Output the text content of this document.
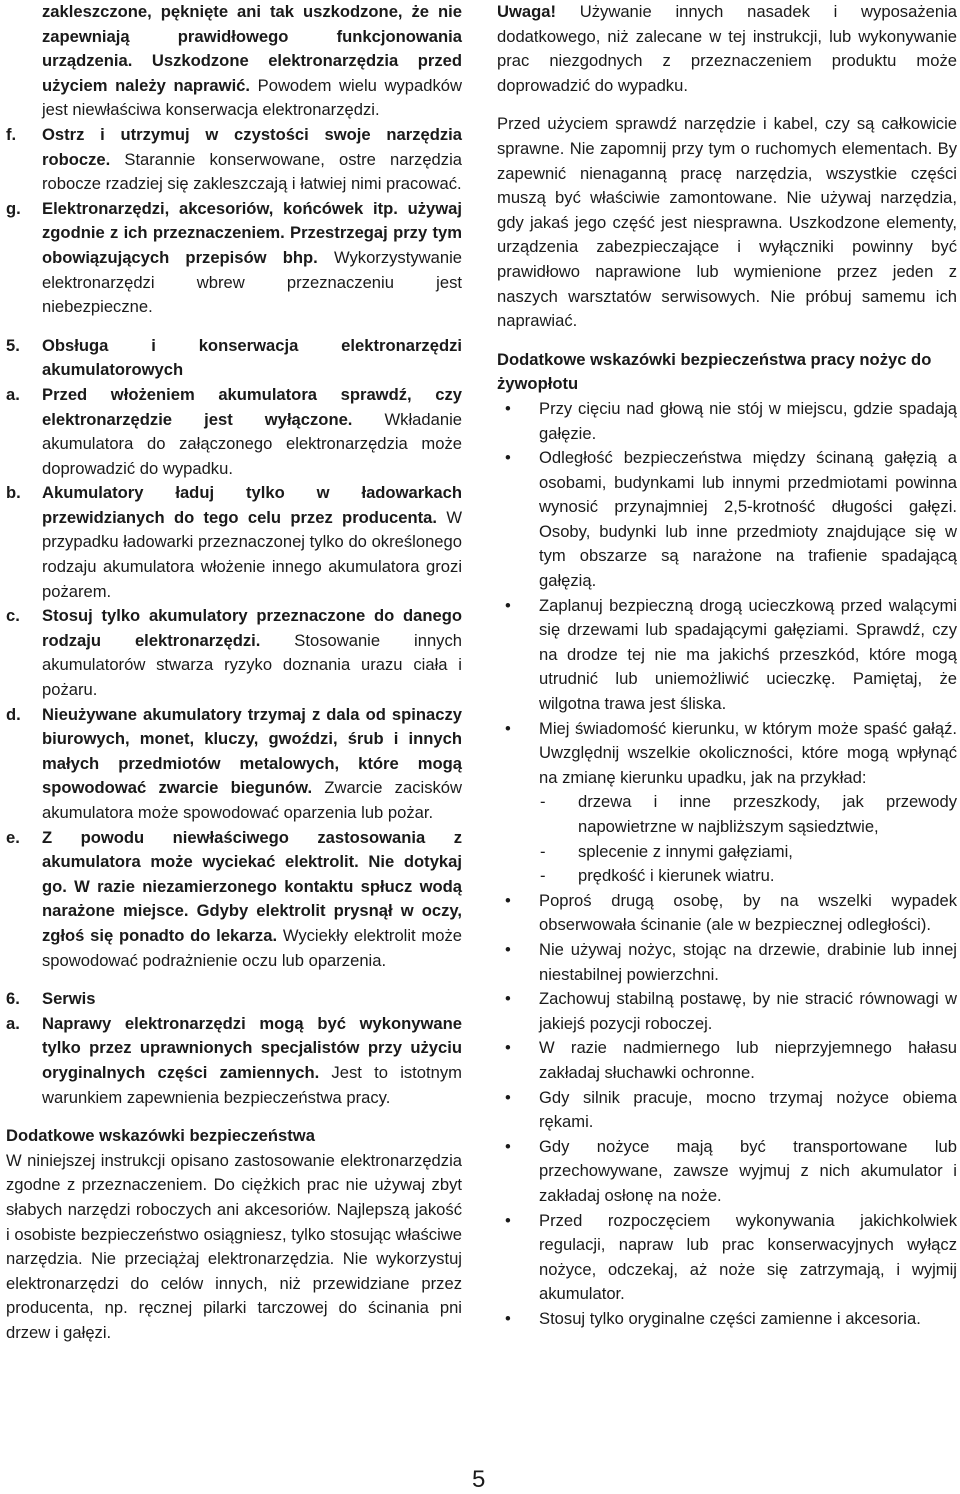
zakleszczone, pęknięte ani tak uszkodzone, że nie zapewniają prawidłowego funkcjonowania urządzenia. Uszkodzone elektronarzędzia przed użyciem należy naprawić. Powodem wielu wypadków jest niewłaściwa konserwacja elektronarzędzi.
f. Ostrz i utrzymuj w czystości swoje narzędzia robocze. Starannie konserwowane, ostre narzędzia robocze rzadziej się zakleszczają i łatwiej nimi pracować.
g. Elektronarzędzi, akcesoriów, końcówek itp. używaj zgodnie z ich przeznaczeniem. Przestrzegaj przy tym obowiązujących przepisów bhp. Wykorzystywanie elektronarzędzi wbrew przeznaczeniu jest niebezpieczne.
5. Obsługa i konserwacja elektronarzędzi akumulatorowych
a. Przed włożeniem akumulatora sprawdź, czy elektronarzędzie jest wyłączone. Wkładanie akumulatora do załączonego elektronarzędzia może doprowadzić do wypadku.
b. Akumulatory ładuj tylko w ładowarkach przewidzianych do tego celu przez producenta. W przypadku ładowarki przeznaczonej tylko do określonego rodzaju akumulatora włożenie innego akumulatora grozi pożarem.
c. Stosuj tylko akumulatory przeznaczone do danego rodzaju elektronarzędzi. Stosowanie innych akumulatorów stwarza ryzyko doznania urazu ciała i pożaru.
d. Nieużywane akumulatory trzymaj z dala od spinaczy biurowych, monet, kluczy, gwoździ, śrub i innych małych przedmiotów metalowych, które mogą spowodować zwarcie biegunów. Zwarcie zacisków akumulatora może spowodować oparzenia lub pożar.
e. Z powodu niewłaściwego zastosowania z akumulatora może wyciekać elektrolit. Nie dotykaj go. W razie niezamierzonego kontaktu spłucz wodą narażone miejsce. Gdyby elektrolit prysnął w oczy, zgłoś się ponadto do lekarza. Wyciekły elektrolit może spowodować podrażnienie oczu lub oparzenia.
6. Serwis
a. Naprawy elektronarzędzi mogą być wykonywane tylko przez uprawnionych specjalistów przy użyciu oryginalnych części zamiennych. Jest to istotnym warunkiem zapewnienia bezpieczeństwa pracy.
Dodatkowe wskazówki bezpieczeństwa
W niniejszej instrukcji opisano zastosowanie elektronarzędzia zgodne z przeznaczeniem. Do ciężkich prac nie używaj zbyt słabych narzędzi roboczych ani akcesoriów. Najlepszą jakość i osobiste bezpieczeństwo osiągniesz, tylko stosując właściwe narzędzia. Nie przeciążaj elektronarzędzia. Nie wykorzystuj elektronarzędzi do celów innych, niż przewidziane przez producenta, np. ręcznej pilarki tarczowej do ścinania pni drzew i gałęzi.
Uwaga! Używanie innych nasadek i wyposażenia dodatkowego, niż zalecane w tej instrukcji, lub wykonywanie prac niezgodnych z przeznaczeniem produktu może doprowadzić do wypadku.
Przed użyciem sprawdź narzędzie i kabel, czy są całkowicie sprawne. Nie zapomnij przy tym o ruchomych elementach. By zapewnić nienaganną pracę narzędzia, wszystkie części muszą być właściwie zamontowane. Nie używaj narzędzia, gdy jakaś jego część jest niesprawna. Uszkodzone elementy, urządzenia zabezpieczające i wyłączniki powinny być prawidłowo naprawione lub wymienione przez jeden z naszych warsztatów serwisowych. Nie próbuj samemu ich naprawiać.
Dodatkowe wskazówki bezpieczeństwa pracy nożyc do żywopłotu
• Przy cięciu nad głową nie stój w miejscu, gdzie spadają gałęzie.
• Odległość bezpieczeństwa między ścinaną gałęzią a osobami, budynkami lub innymi przedmiotami powinna wynosić przynajmniej 2,5-krotność długości gałęzi. Osoby, budynki lub inne przedmioty znajdujące się w tym obszarze są narażone na trafienie spadającą gałęzią.
• Zaplanuj bezpieczną drogą ucieczkową przed walącymi się drzewami lub spadającymi gałęziami. Sprawdź, czy na drodze tej nie ma jakichś przeszkód, które mogą utrudnić lub uniemożliwić ucieczkę. Pamiętaj, że wilgotna trawa jest śliska.
• Miej świadomość kierunku, w którym może spaść gałąź. Uwzględnij wszelkie okoliczności, które mogą wpłynąć na zmianę kierunku upadku, jak na przykład:
- drzewa i inne przeszkody, jak przewody napowietrzne w najbliższym sąsiedztwie,
- splecenie z innymi gałęziami,
- prędkość i kierunek wiatru.
• Poproś drugą osobę, by na wszelki wypadek obserwowała ścinanie (ale w bezpiecznej odległości).
• Nie używaj nożyc, stojąc na drzewie, drabinie lub innej niestabilnej powierzchni.
• Zachowuj stabilną postawę, by nie stracić równowagi w jakiejś pozycji roboczej.
• W razie nadmiernego lub nieprzyjemnego hałasu zakładaj słuchawki ochronne.
• Gdy silnik pracuje, mocno trzymaj nożyce obiema rękami.
• Gdy nożyce mają być transportowane lub przechowywane, zawsze wyjmuj z nich akumulator i zakładaj osłonę na noże.
• Przed rozpoczęciem wykonywania jakichkolwiek regulacji, napraw lub prac konserwacyjnych wyłącz nożyce, odczekaj, aż noże się zatrzymają, i wyjmij akumulator.
• Stosuj tylko oryginalne części zamienne i akcesoria.
5
